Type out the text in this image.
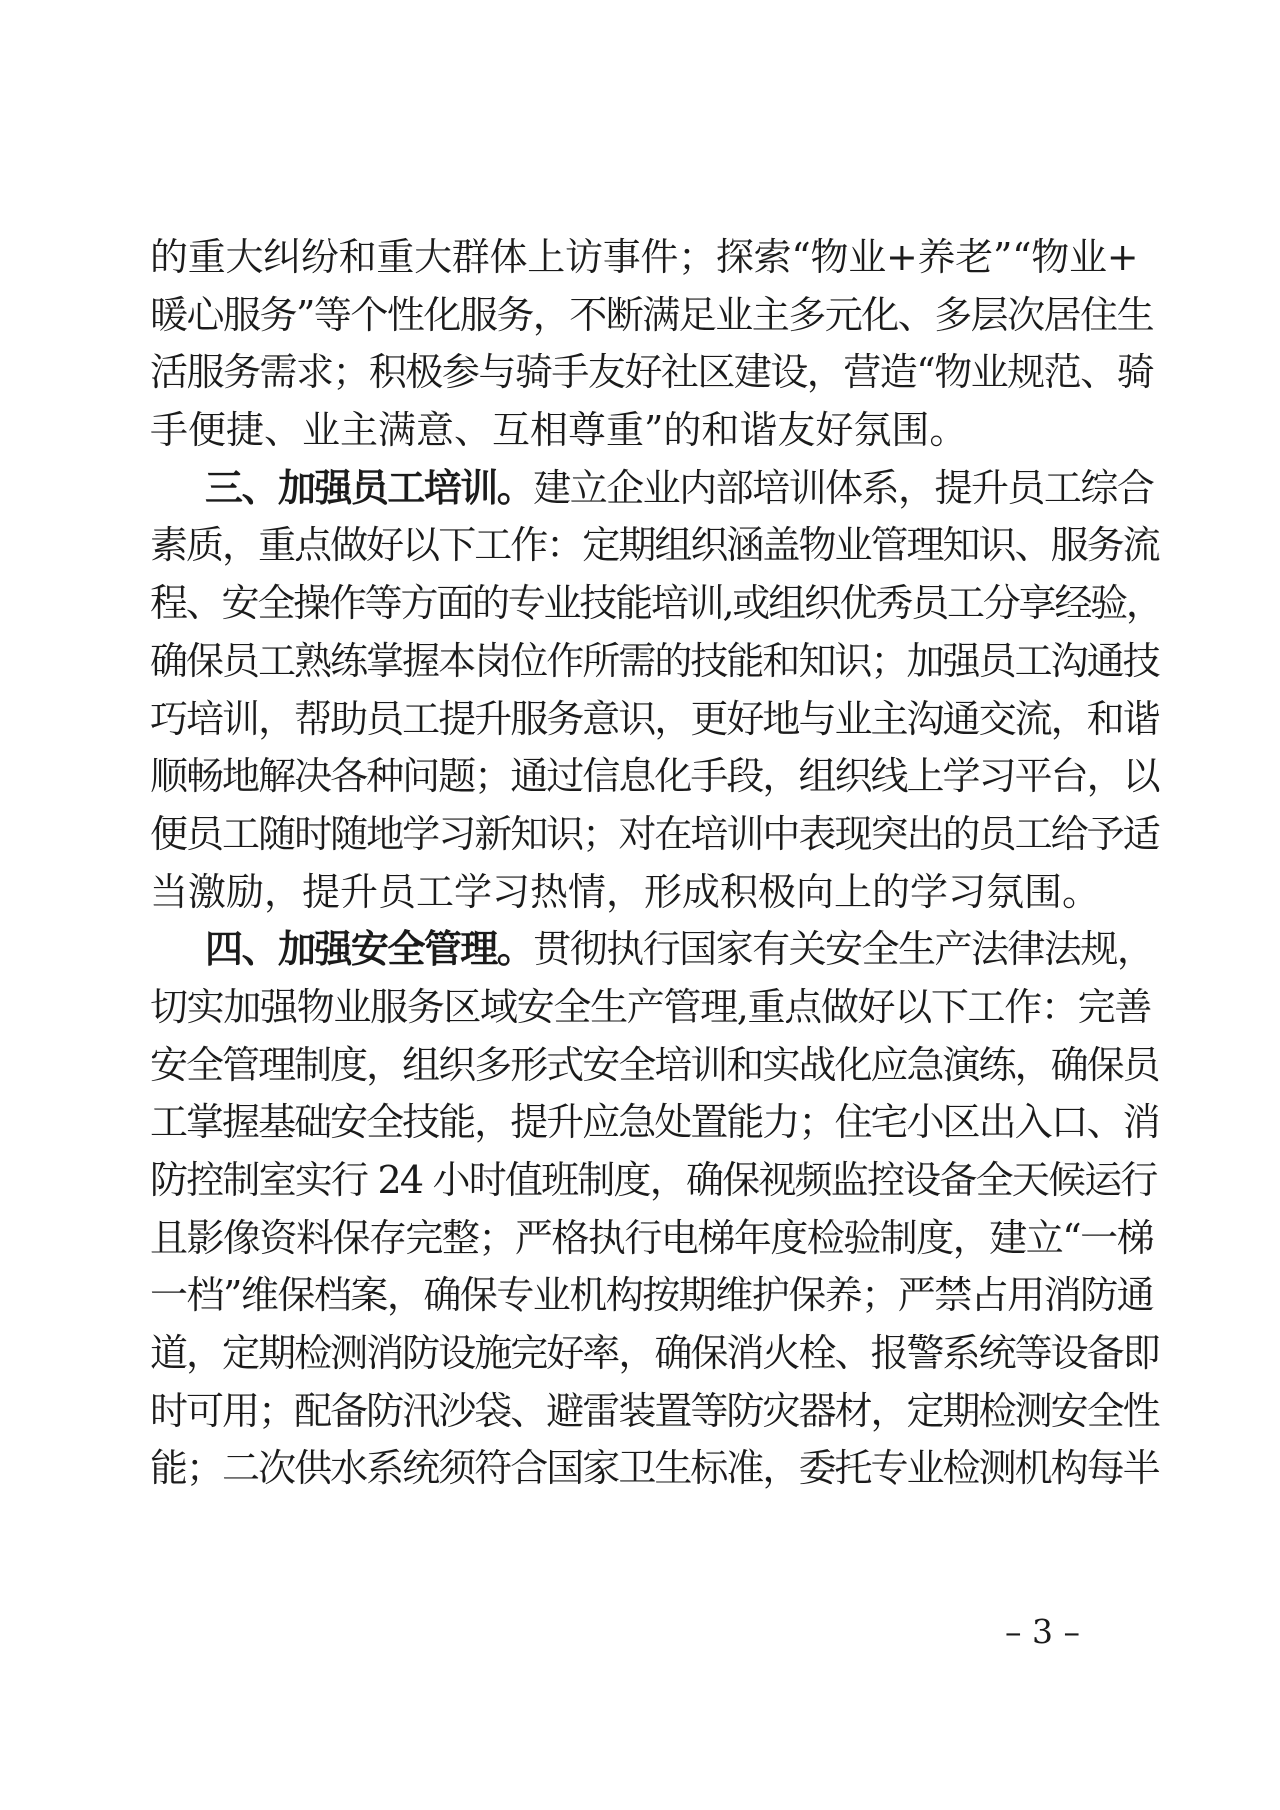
的重大纠纷和重大群体上访事件；探索“物业+养老”“物业+
暖心服务”等个性化服务，不断满足业主多元化、多层次居住生
活服务需求；积极参与骑手友好社区建设，营造“物业规范、骑
手便捷、业主满意、互相尊重”的和谐友好氛围。
三、加强员工培训。建立企业内部培训体系，提升员工综合
素质，重点做好以下工作：定期组织涵盖物业管理知识、服务流
程、安全操作等方面的专业技能培训,或组织优秀员工分享经验，
确保员工熟练掌握本岗位作所需的技能和知识；加强员工沟通技
巧培训，帮助员工提升服务意识，更好地与业主沟通交流，和谐
顺畅地解决各种问题；通过信息化手段，组织线上学习平台，以
便员工随时随地学习新知识；对在培训中表现突出的员工给予适
当激励，提升员工学习热情，形成积极向上的学习氛围。
四、加强安全管理。贯彻执行国家有关安全生产法律法规，
切实加强物业服务区域安全生产管理,重点做好以下工作：完善
安全管理制度，组织多形式安全培训和实战化应急演练，确保员
工掌握基础安全技能，提升应急处置能力；住宅小区出入口、消
防控制室实行 24 小时值班制度，确保视频监控设备全天候运行
且影像资料保存完整；严格执行电梯年度检验制度，建立“一梯
一档”维保档案，确保专业机构按期维护保养；严禁占用消防通
道，定期检测消防设施完好率，确保消火栓、报警系统等设备即
时可用；配备防汛沙袋、避雷装置等防灾器材，定期检测安全性
能；二次供水系统须符合国家卫生标准，委托专业检测机构每半
– 3 –
